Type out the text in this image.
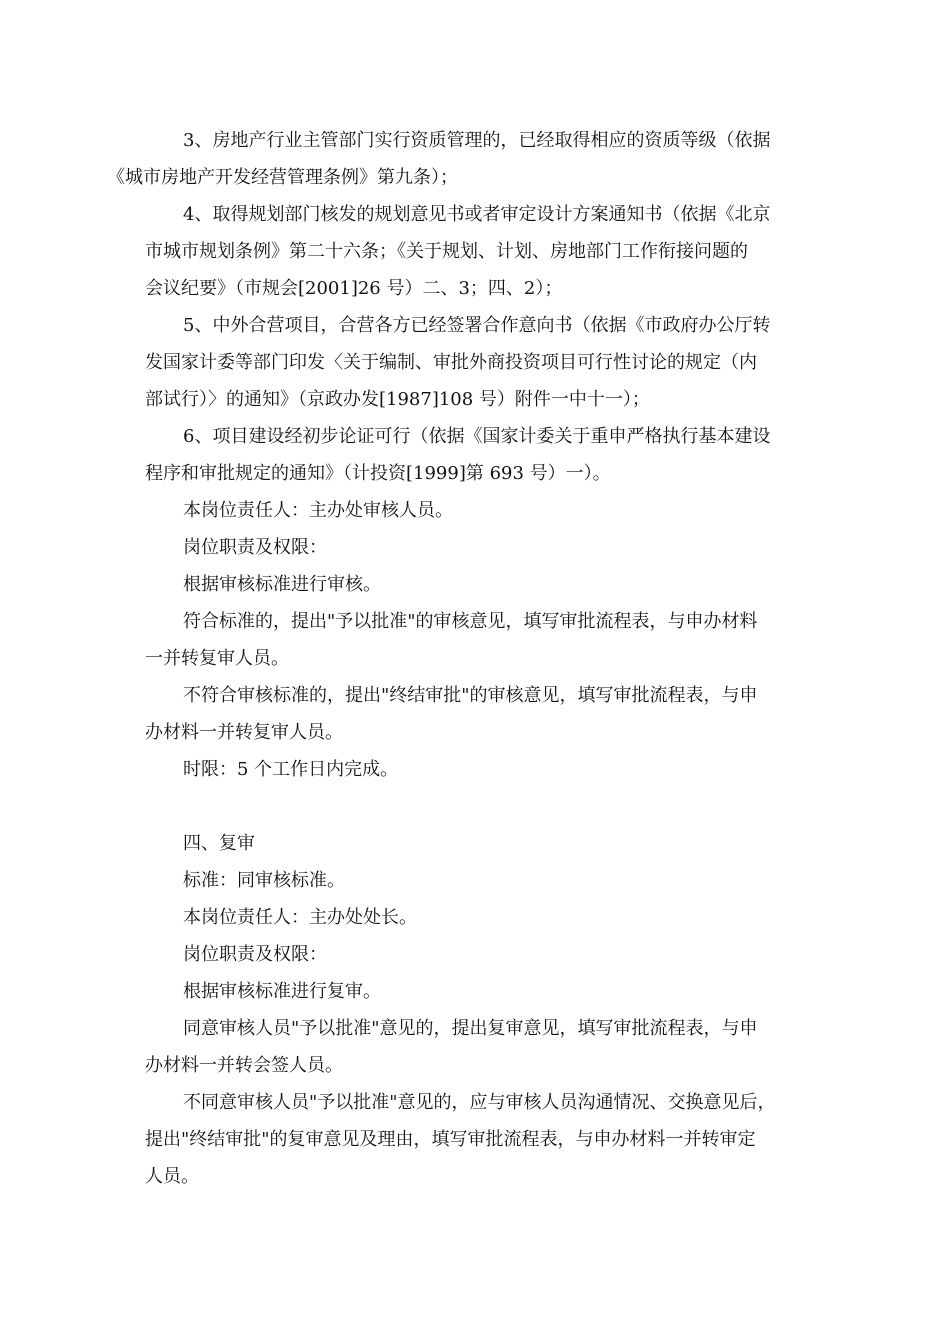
3、房地产行业主管部门实行资质管理的，已经取得相应的资质等级（依据
《城市房地产开发经营管理条例》第九条）；

4、取得规划部门核发的规划意见书或者审定设计方案通知书（依据《北京
市城市规划条例》第二十六条；《关于规划、计划、房地部门工作衔接问题的
会议纪要》（市规会[2001]26 号）二、3；四、2）；

5、中外合营项目，合营各方已经签署合作意向书（依据《市政府办公厅转
发国家计委等部门印发〈关于编制、审批外商投资项目可行性讨论的规定（内
部试行）〉的通知》（京政办发[1987]108 号）附件一中十一）；

6、项目建设经初步论证可行（依据《国家计委关于重申严格执行基本建设
程序和审批规定的通知》（计投资[1999]第 693 号）一）。

本岗位责任人：主办处审核人员。

岗位职责及权限：

根据审核标准进行审核。

符合标准的，提出"予以批准"的审核意见，填写审批流程表，与申办材料
一并转复审人员。

不符合审核标准的，提出"终结审批"的审核意见，填写审批流程表，与申
办材料一并转复审人员。

时限：5 个工作日内完成。

四、复审

标准：同审核标准。

本岗位责任人：主办处处长。

岗位职责及权限：

根据审核标准进行复审。

同意审核人员"予以批准"意见的，提出复审意见，填写审批流程表，与申
办材料一并转会签人员。

不同意审核人员"予以批准"意见的，应与审核人员沟通情况、交换意见后，
提出"终结审批"的复审意见及理由，填写审批流程表，与申办材料一并转审定
人员。
